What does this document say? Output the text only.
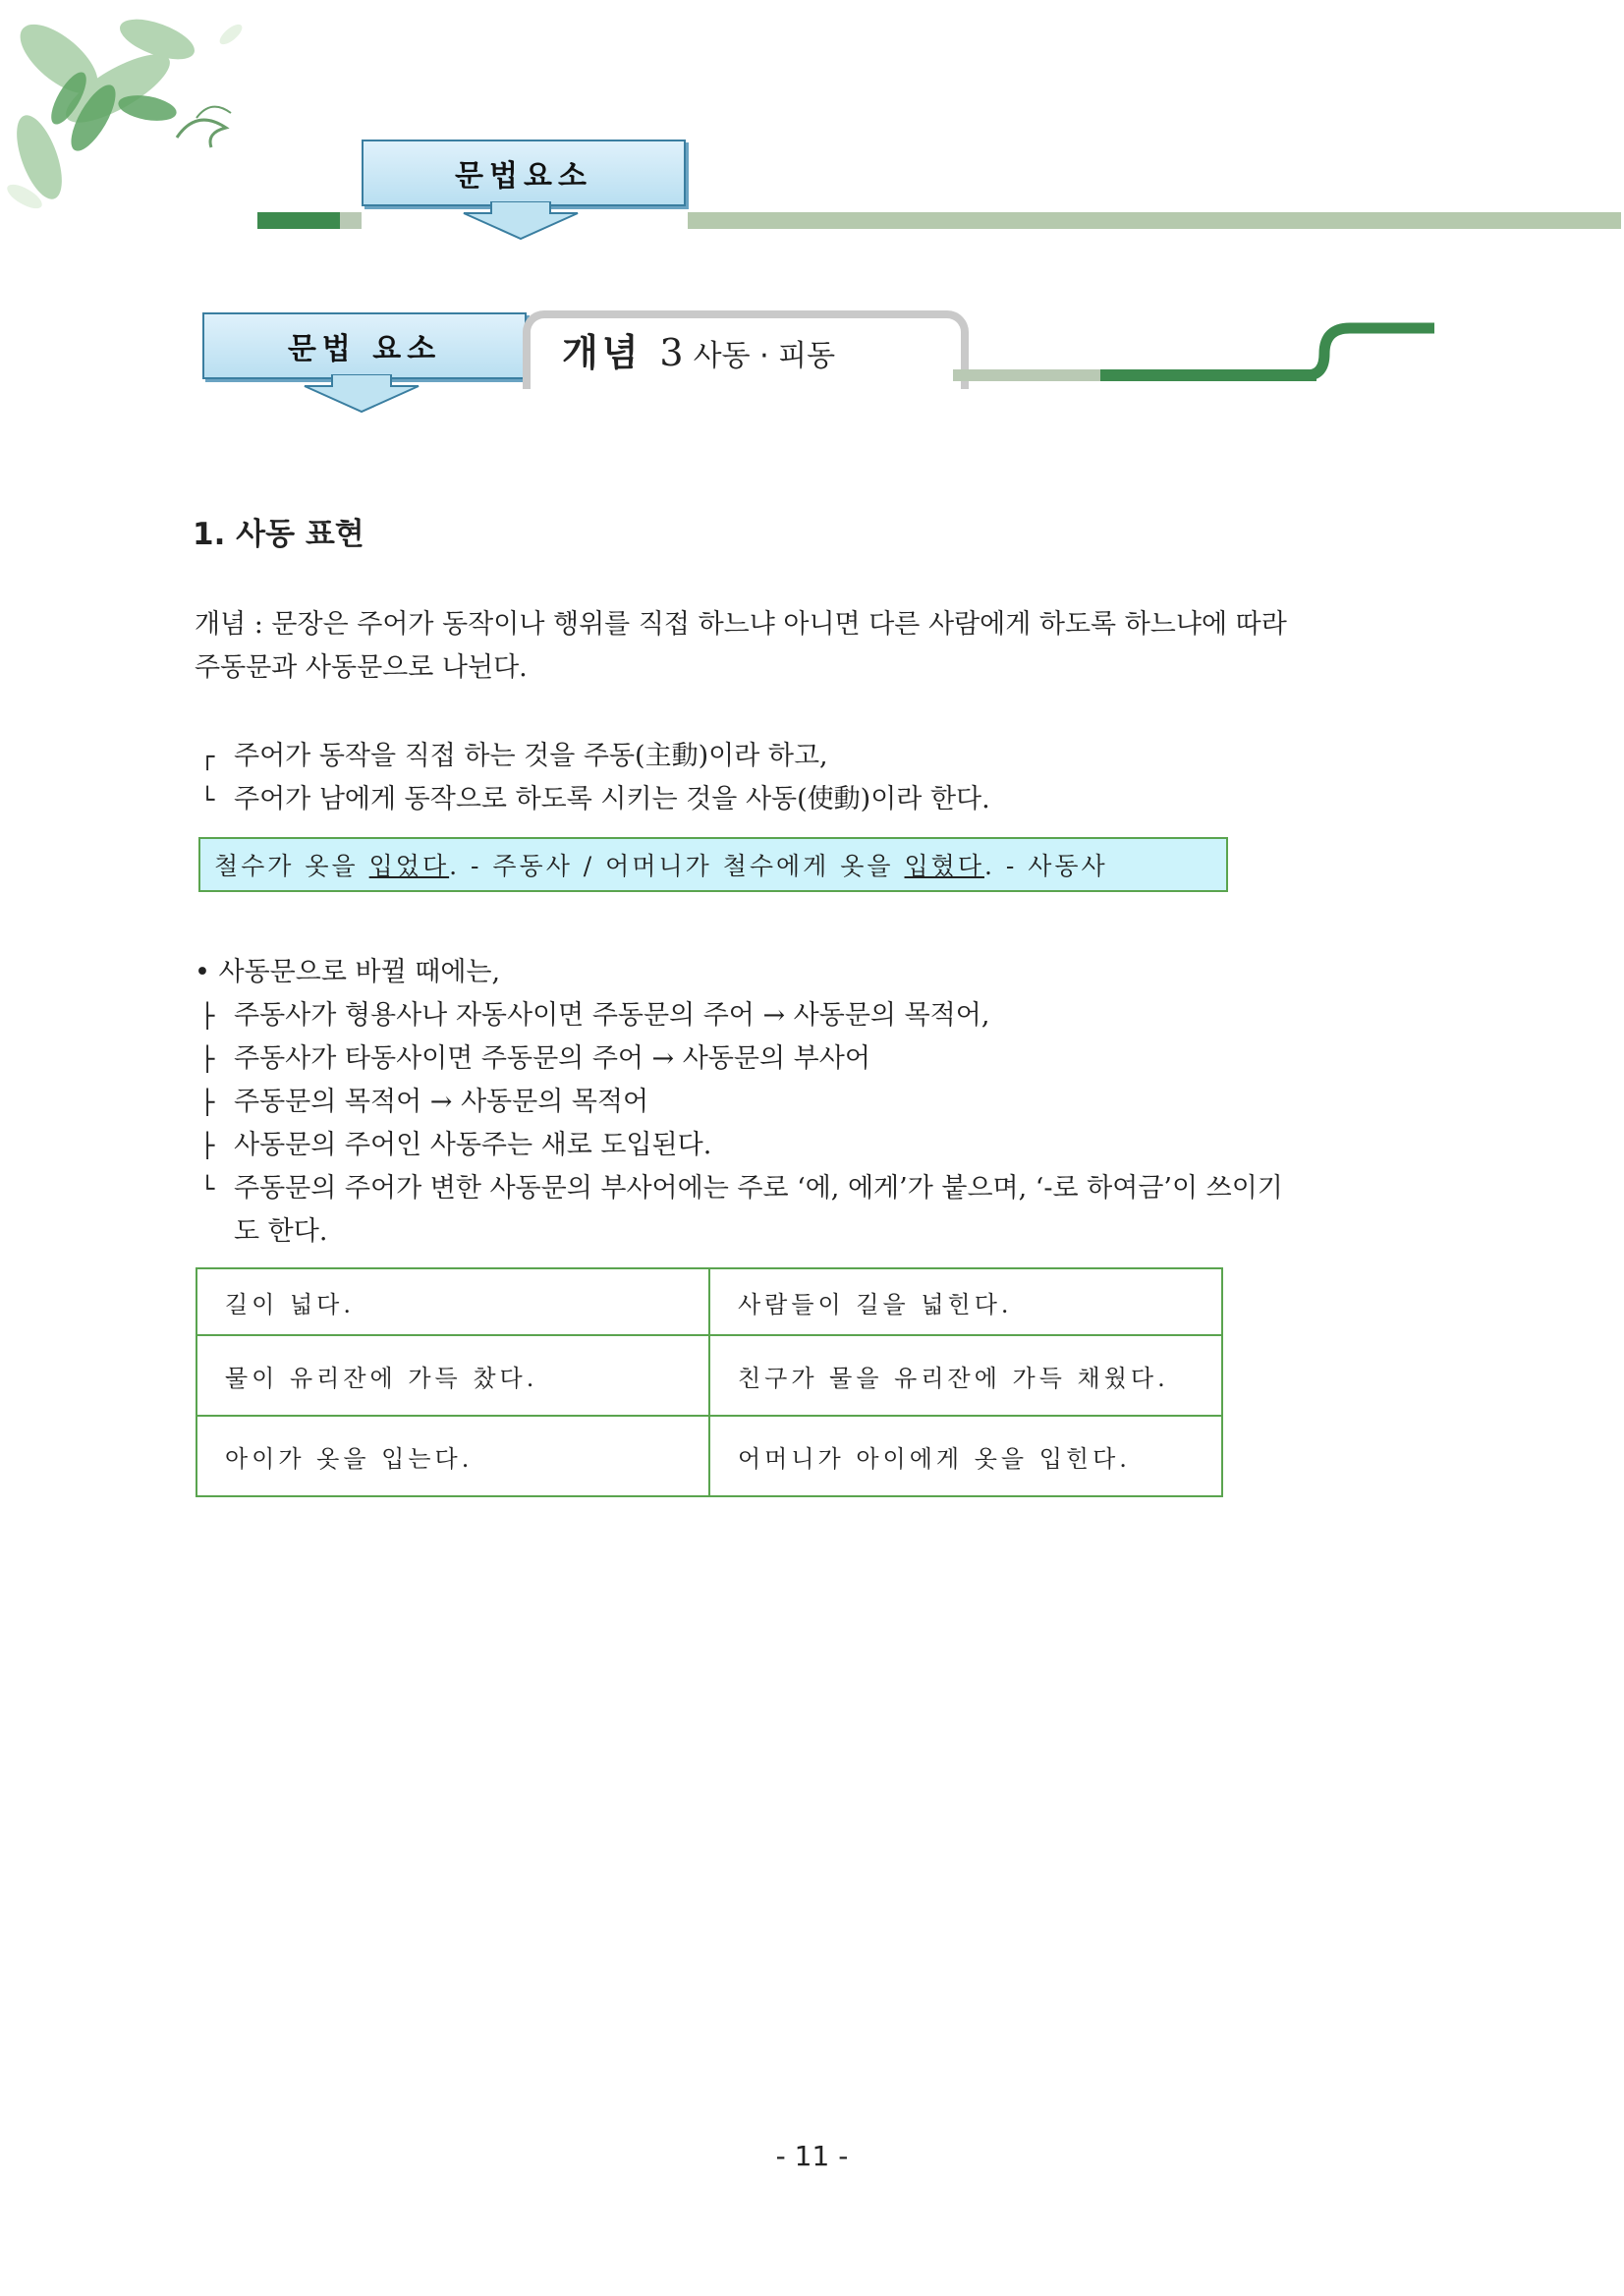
문법요소
문법 요소	개념 3 사동 · 피동
1. 사동 표현
개념 : 문장은 주어가 동작이나 행위를 직접 하느냐 아니면 다른 사람에게 하도록 하느냐에 따라
주동문과 사동문으로 나뉜다.
┌ 주어가 동작을 직접 하는 것을 주동(主動)이라 하고,
└ 주어가 남에게 동작으로 하도록 시키는 것을 사동(使動)이라 한다.
철수가 옷을 입었다. - 주동사 / 어머니가 철수에게 옷을 입혔다. - 사동사
• 사동문으로 바뀔 때에는,
├ 주동사가 형용사나 자동사이면 주동문의 주어 → 사동문의 목적어,
├ 주동사가 타동사이면 주동문의 주어 → 사동문의 부사어
├ 주동문의 목적어 → 사동문의 목적어
├ 사동문의 주어인 사동주는 새로 도입된다.
└ 주동문의 주어가 변한 사동문의 부사어에는 주로 ‘에, 에게’가 붙으며, ‘-로 하여금’이 쓰이기
도 한다.
길이 넓다.	사람들이 길을 넓힌다.
물이 유리잔에 가득 찼다.	친구가 물을 유리잔에 가득 채웠다.
아이가 옷을 입는다.	어머니가 아이에게 옷을 입힌다.
- 11 -
